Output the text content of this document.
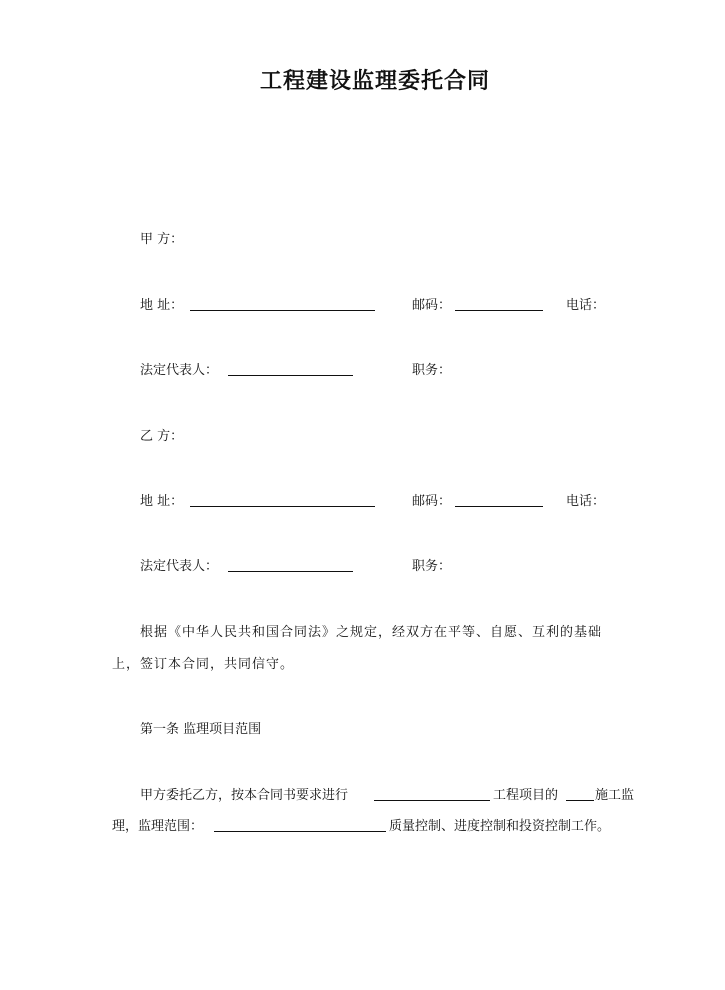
工程建设监理委托合同
甲 方：
地 址：	邮码：	电话：
法定代表人：	职务：
乙 方：
地 址：	邮码：	电话：
法定代表人：	职务：
根据《中华人民共和国合同法》之规定，经双方在平等、自愿、互利的基础
上，签订本合同，共同信守。
第一条 监理项目范围
甲方委托乙方，按本合同书要求进行	工程项目的	施工监
理，监理范围：	质量控制、进度控制和投资控制工作。
